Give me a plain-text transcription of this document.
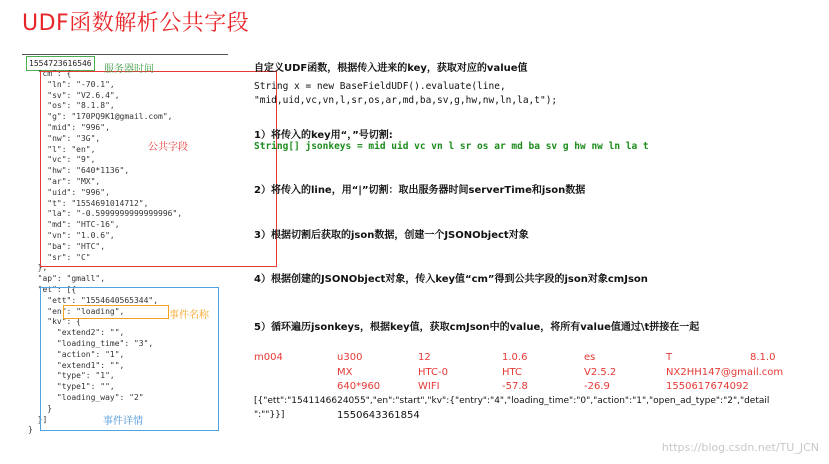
UDF函数解析公共字段
1554723616546
"cm": {
"ln": "-70.1",
"sv": "V2.6.4",
"os": "8.1.8",
"g": "170PQ9K1@gmail.com",
"mid": "996",
"nw": "3G",
"l": "en",
"vc": "9",
"hw": "640*1136",
"ar": "MX",
"uid": "996",
"t": "1554691014712",
"la": "-0.5999999999999996",
"md": "HTC-16",
"vn": "1.0.6",
"ba": "HTC",
"sr": "C"
},
"ap": "gmall",
"et": [{
"ett": "1554640565344",
"en": "loading",
"kv": {
"extend2": "",
"loading_time": "3",
"action": "1",
"extend1": "",
"type": "1",
"type1": "",
"loading_way": "2"
}
}]
}
服务器时间
公共字段
事件名称
事件详情
自定义UDF函数，根据传入进来的key，获取对应的value值
String x = new BaseFieldUDF().evaluate(line,
"mid,uid,vc,vn,l,sr,os,ar,md,ba,sv,g,hw,nw,ln,la,t");
1）将传入的key用“，”号切割:
String[] jsonkeys = mid uid vc vn l sr os ar md ba sv g hw nw ln la t
2）将传入的line，用“|”切割：取出服务器时间serverTime和json数据
3）根据切割后获取的json数据，创建一个JSONObject对象
4）根据创建的JSONObject对象，传入key值“cm”得到公共字段的json对象cmJson
5）循环遍历jsonkeys，根据key值，获取cmJson中的value，将所有value值通过\t拼接在一起
m004	u300	12	1.0.6	es	T	8.1.0
MX	HTC-0	HTC	V2.5.2	NX2HH147@gmail.com
640*960	WIFI	-57.8	-26.9	1550617674092
[{"ett":"1541146624055","en":"start","kv":{"entry":"4","loading_time":"0","action":"1","open_ad_type":"2","detail
":""}}]	1550643361854
https://blog.csdn.net/TU_JCN
